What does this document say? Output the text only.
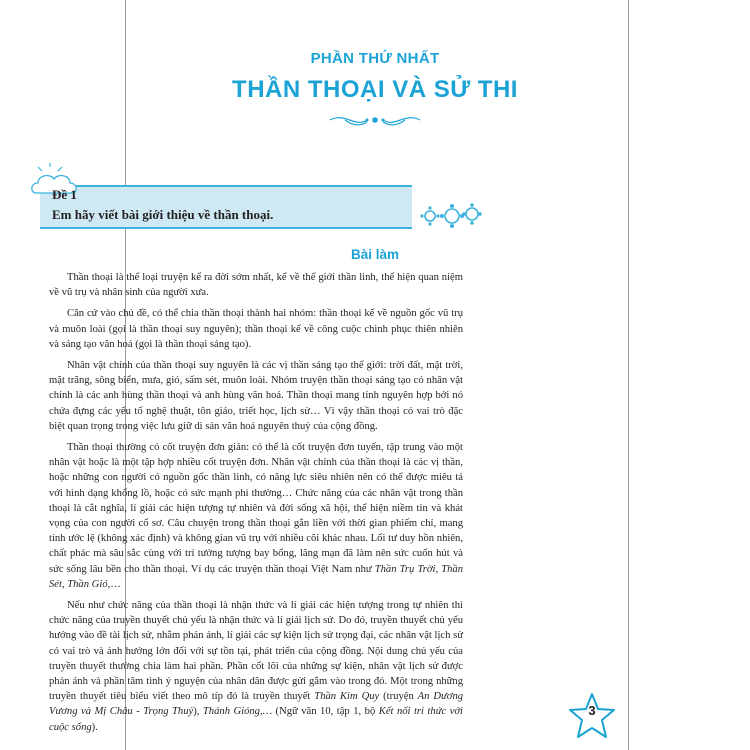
PHẦN THỨ NHẤT
THẦN THOẠI VÀ SỬ THI
Đề 1
Em hãy viết bài giới thiệu về thần thoại.
Bài làm

Thần thoại là thể loại truyện kể ra đời sớm nhất, kể về thế giới thần linh, thể hiện quan niệm về vũ trụ và nhân sinh của người xưa.

Căn cứ vào chủ đề, có thể chia thần thoại thành hai nhóm: thần thoại kể về nguồn gốc vũ trụ và muôn loài (gọi là thần thoại suy nguyên); thần thoại kể về công cuộc chinh phục thiên nhiên và sáng tạo văn hoá (gọi là thần thoại sáng tạo).

Nhân vật chính của thần thoại suy nguyên là các vị thần sáng tạo thế giới: trời đất, mặt trời, mặt trăng, sông biển, mưa, gió, sấm sét, muôn loài. Nhóm truyện thần thoại sáng tạo có nhân vật chính là các anh hùng thần thoại và anh hùng văn hoá. Thần thoại mang tính nguyên hợp bởi nó chứa đựng các yếu tố nghệ thuật, tôn giáo, triết học, lịch sử… Vì vậy thần thoại có vai trò đặc biệt quan trọng trong việc lưu giữ di sản văn hoá nguyên thuỷ của cộng đồng.

Thần thoại thường có cốt truyện đơn giản: có thể là cốt truyện đơn tuyến, tập trung vào một nhân vật hoặc là một tập hợp nhiều cốt truyện đơn. Nhân vật chính của thần thoại là các vị thần, hoặc những con người có nguồn gốc thần linh, có năng lực siêu nhiên nên có thể được miêu tả với hình dạng khổng lồ, hoặc có sức mạnh phi thường… Chức năng của các nhân vật trong thần thoại là cắt nghĩa, lí giải các hiện tượng tự nhiên và đời sống xã hội, thể hiện niềm tin và khát vọng của con người cổ sơ. Câu chuyện trong thần thoại gắn liền với thời gian phiếm chỉ, mang tính ước lệ (không xác định) và không gian vũ trụ với nhiều cõi khác nhau. Lối tư duy hồn nhiên, chất phác mà sâu sắc cùng với trí tưởng tượng bay bổng, lãng mạn đã làm nên sức cuốn hút và sức sống lâu bền cho thần thoại. Ví dụ các truyện thần thoại Việt Nam như Thần Trụ Trời, Thần Sét, Thần Gió,…

Nếu như chức năng của thần thoại là nhận thức và lí giải các hiện tượng trong tự nhiên thì chức năng của truyền thuyết chủ yếu là nhận thức và lí giải lịch sử. Do đó, truyền thuyết chủ yếu hướng vào đề tài lịch sử, nhằm phản ánh, lí giải các sự kiện lịch sử trọng đại, các nhân vật lịch sử có vai trò và ảnh hưởng lớn đối với sự tồn tại, phát triển của cộng đồng. Nội dung chủ yếu của truyền thuyết thường chia làm hai phần. Phần cốt lõi của những sự kiện, nhân vật lịch sử được phản ánh và phần tâm tình ý nguyện của nhân dân được gửi gắm vào trong đó. Một trong những truyền thuyết tiêu biểu viết theo mô típ đó là truyền thuyết Thần Kim Quy (truyện An Dương Vương và Mị Châu - Trọng Thuỷ), Thánh Gióng,… (Ngữ văn 10, tập 1, bộ Kết nối tri thức với cuộc sống).

3
